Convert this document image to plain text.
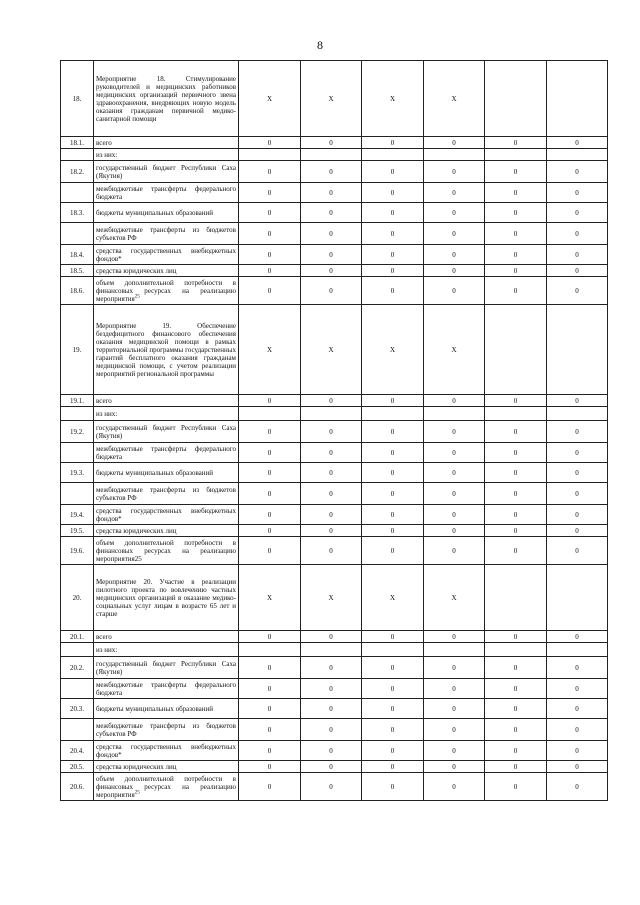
8
18.	Мероприятие 18. Стимулирование руководителей и медицинских работников медицинских организаций первичного звена здравоохранения, внедряющих новую модель оказания гражданам первичной медико-санитарной помощи	X	X	X	X		
18.1.	всего	0	0	0	0	0	0
	из них:						
18.2.	государственный бюджет Республики Саха (Якутия)	0	0	0	0	0	0
	межбюджетные трансферты федерального бюджета	0	0	0	0	0	0
18.3.	бюджеты муниципальных образований	0	0	0	0	0	0
	межбюджетные трансферты из бюджетов субъектов РФ	0	0	0	0	0	0
18.4.	средства государственных внебюджетных фондов*	0	0	0	0	0	0
18.5.	средства юридических лиц	0	0	0	0	0	0
18.6.	объем дополнительной потребности в финансовых ресурсах на реализацию мероприятия$^{25}$	0	0	0	0	0	0
19.	Мероприятие 19. Обеспечение бездефицитного финансового обеспечения оказания медицинской помощи в рамках территориальной программы государственных гарантий бесплатного оказания гражданам медицинской помощи, с учетом реализации мероприятий региональной программы	X	X	X	X		
19.1.	всего	0	0	0	0	0	0
	из них:						
19.2.	государственный бюджет Республики Саха (Якутия)	0	0	0	0	0	0
	межбюджетные трансферты федерального бюджета	0	0	0	0	0	0
19.3.	бюджеты муниципальных образований	0	0	0	0	0	0
	межбюджетные трансферты из бюджетов субъектов РФ	0	0	0	0	0	0
19.4.	средства государственных внебюджетных фондов*	0	0	0	0	0	0
19.5.	средства юридических лиц	0	0	0	0	0	0
19.6.	объем дополнительной потребности в финансовых ресурсах на реализацию мероприятия25	0	0	0	0	0	0
20.	Мероприятие 20. Участие в реализации пилотного проекта по вовлечению частных медицинских организаций в оказание медико-социальных услуг лицам в возрасте 65 лет и старше	X	X	X	X		
20.1.	всего	0	0	0	0	0	0
	из них:						
20.2.	государственный бюджет Республики Саха (Якутия)	0	0	0	0	0	0
	межбюджетные трансферты федерального бюджета	0	0	0	0	0	0
20.3.	бюджеты муниципальных образований	0	0	0	0	0	0
	межбюджетные трансферты из бюджетов субъектов РФ	0	0	0	0	0	0
20.4.	средства государственных внебюджетных фондов*	0	0	0	0	0	0
20.5.	средства юридических лиц	0	0	0	0	0	0
20.6.	объем дополнительной потребности в финансовых ресурсах на реализацию мероприятия$^{25}$	0	0	0	0	0	0
